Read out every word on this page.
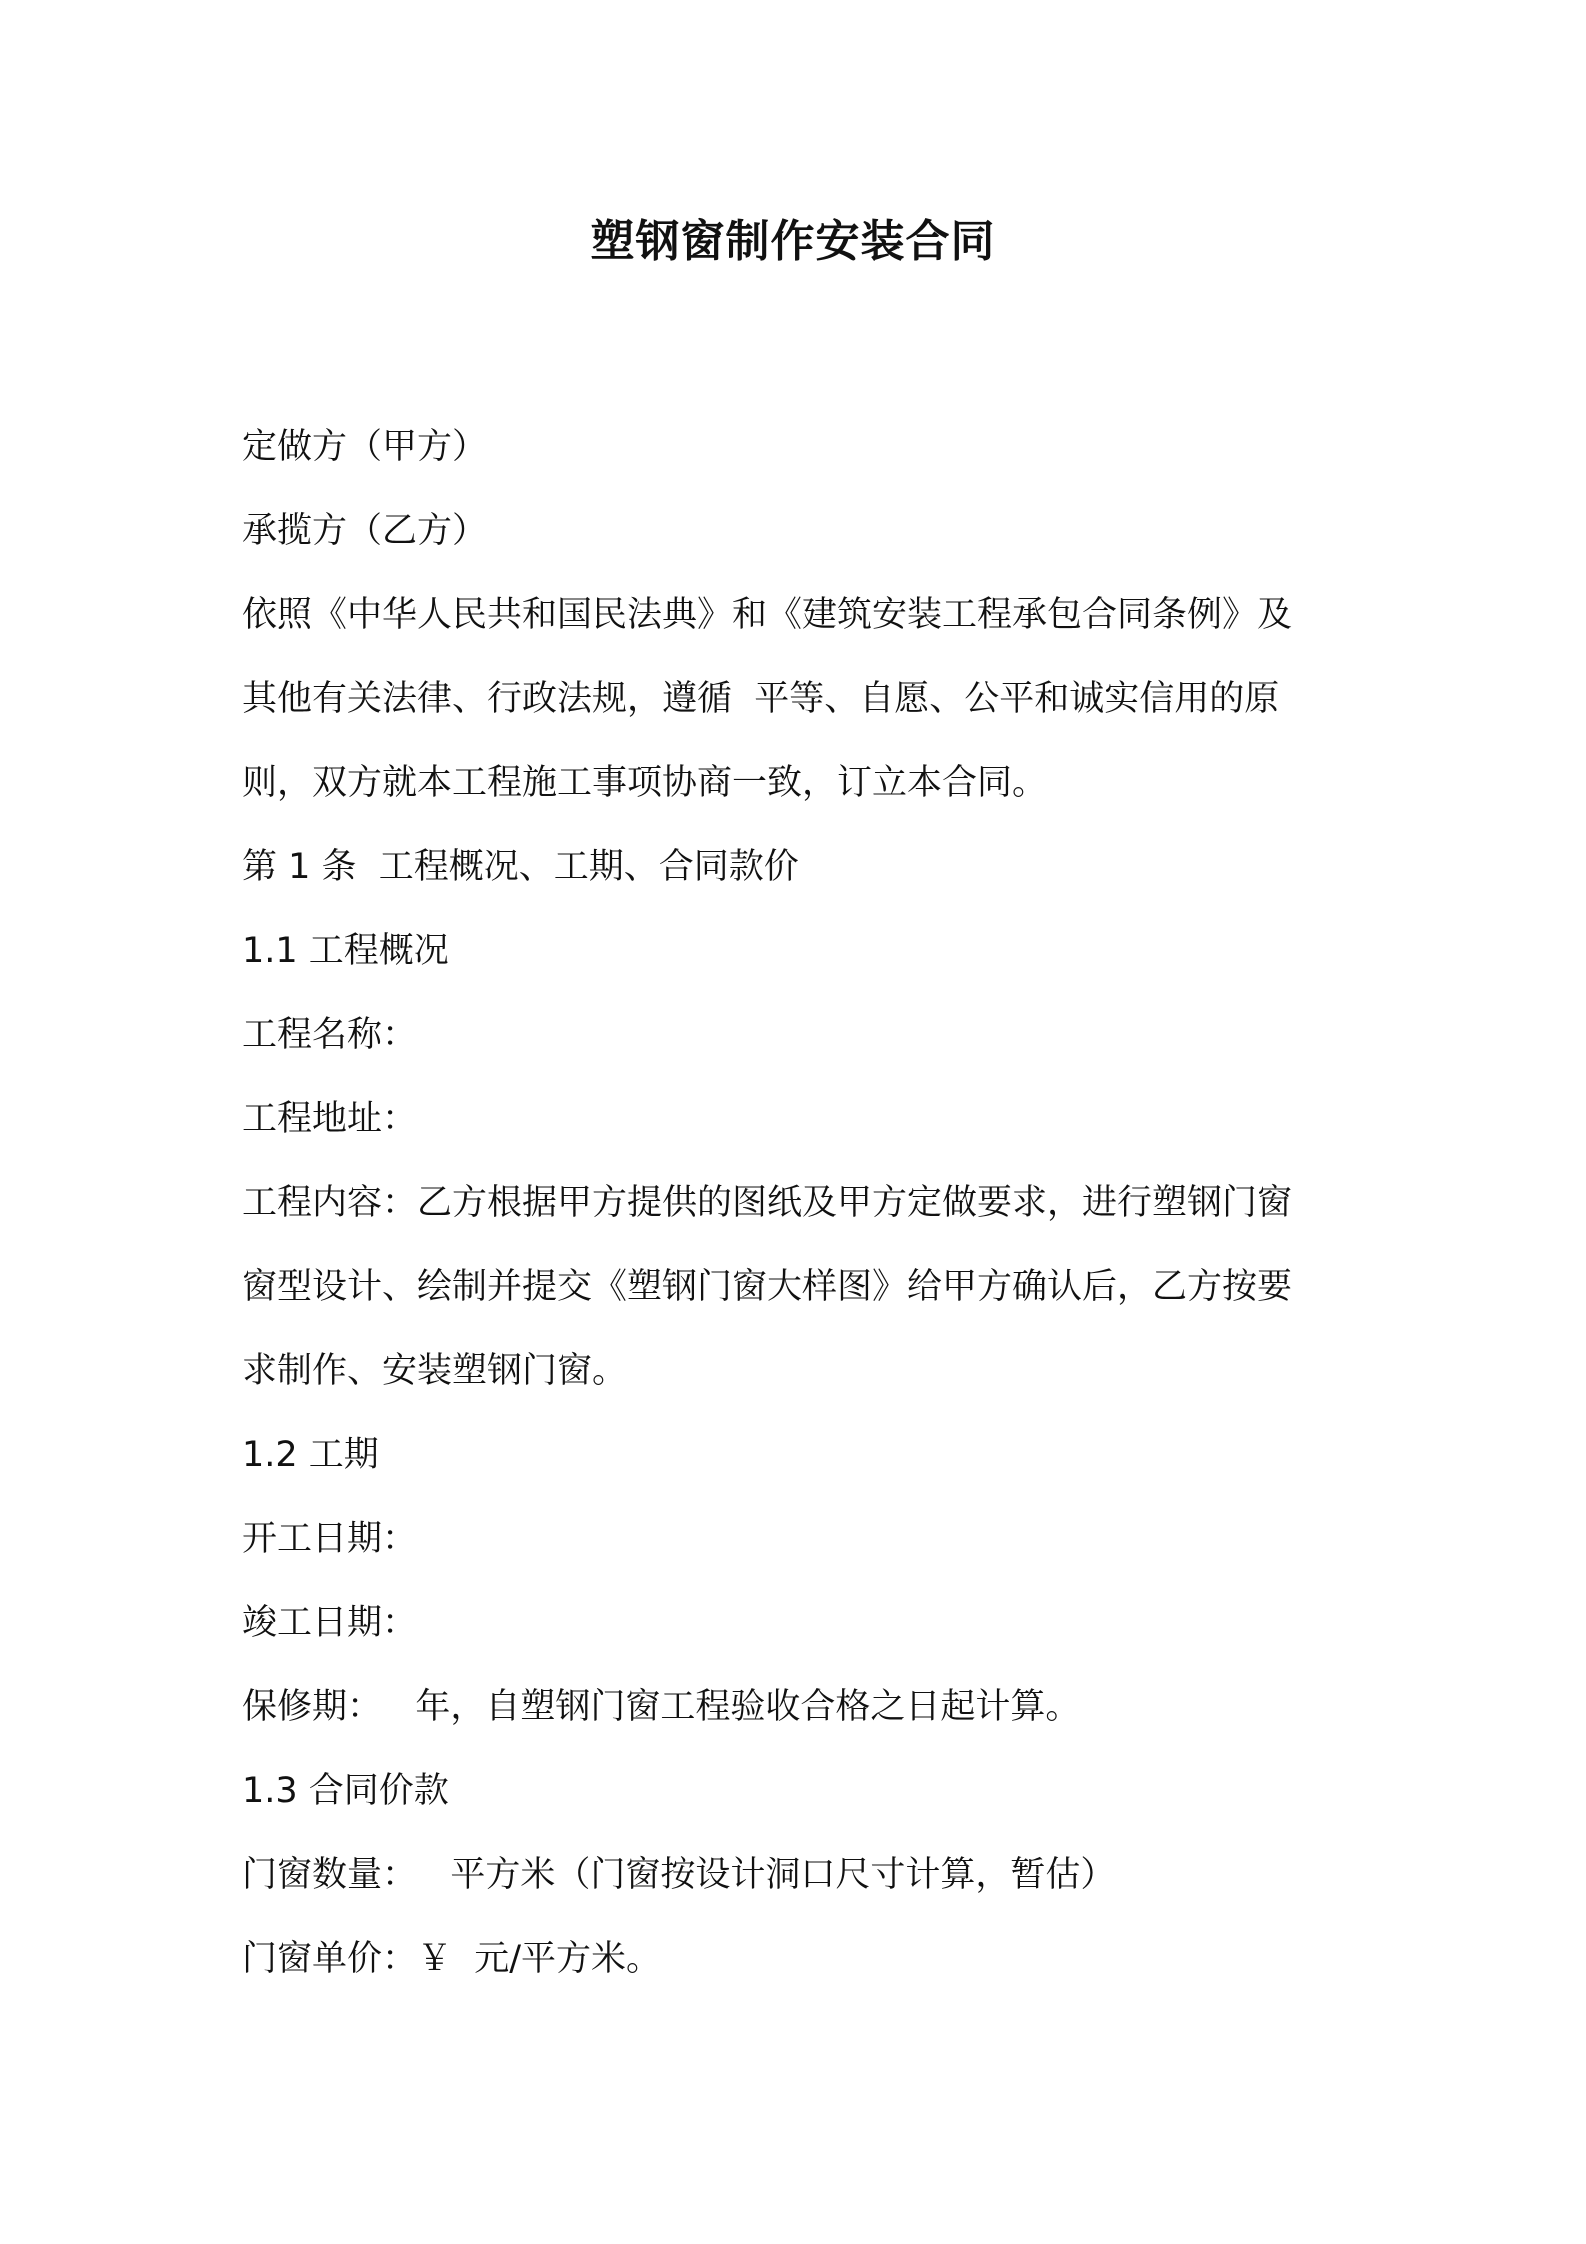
塑钢窗制作安装合同
定做方（甲方）
承揽方（乙方）
依照《中华人民共和国民法典》和《建筑安装工程承包合同条例》及
其他有关法律、行政法规，遵循  平等、自愿、公平和诚实信用的原
则，双方就本工程施工事项协商一致，订立本合同。
第 1 条  工程概况、工期、合同款价
1.1 工程概况
工程名称：
工程地址：
工程内容：乙方根据甲方提供的图纸及甲方定做要求，进行塑钢门窗
窗型设计、绘制并提交《塑钢门窗大样图》给甲方确认后，乙方按要
求制作、安装塑钢门窗。
1.2 工期
开工日期：
竣工日期：
保修期：   年，自塑钢门窗工程验收合格之日起计算。
1.3 合同价款
门窗数量：   平方米（门窗按设计洞口尺寸计算，暂估）
门窗单价：￥  元/平方米。
